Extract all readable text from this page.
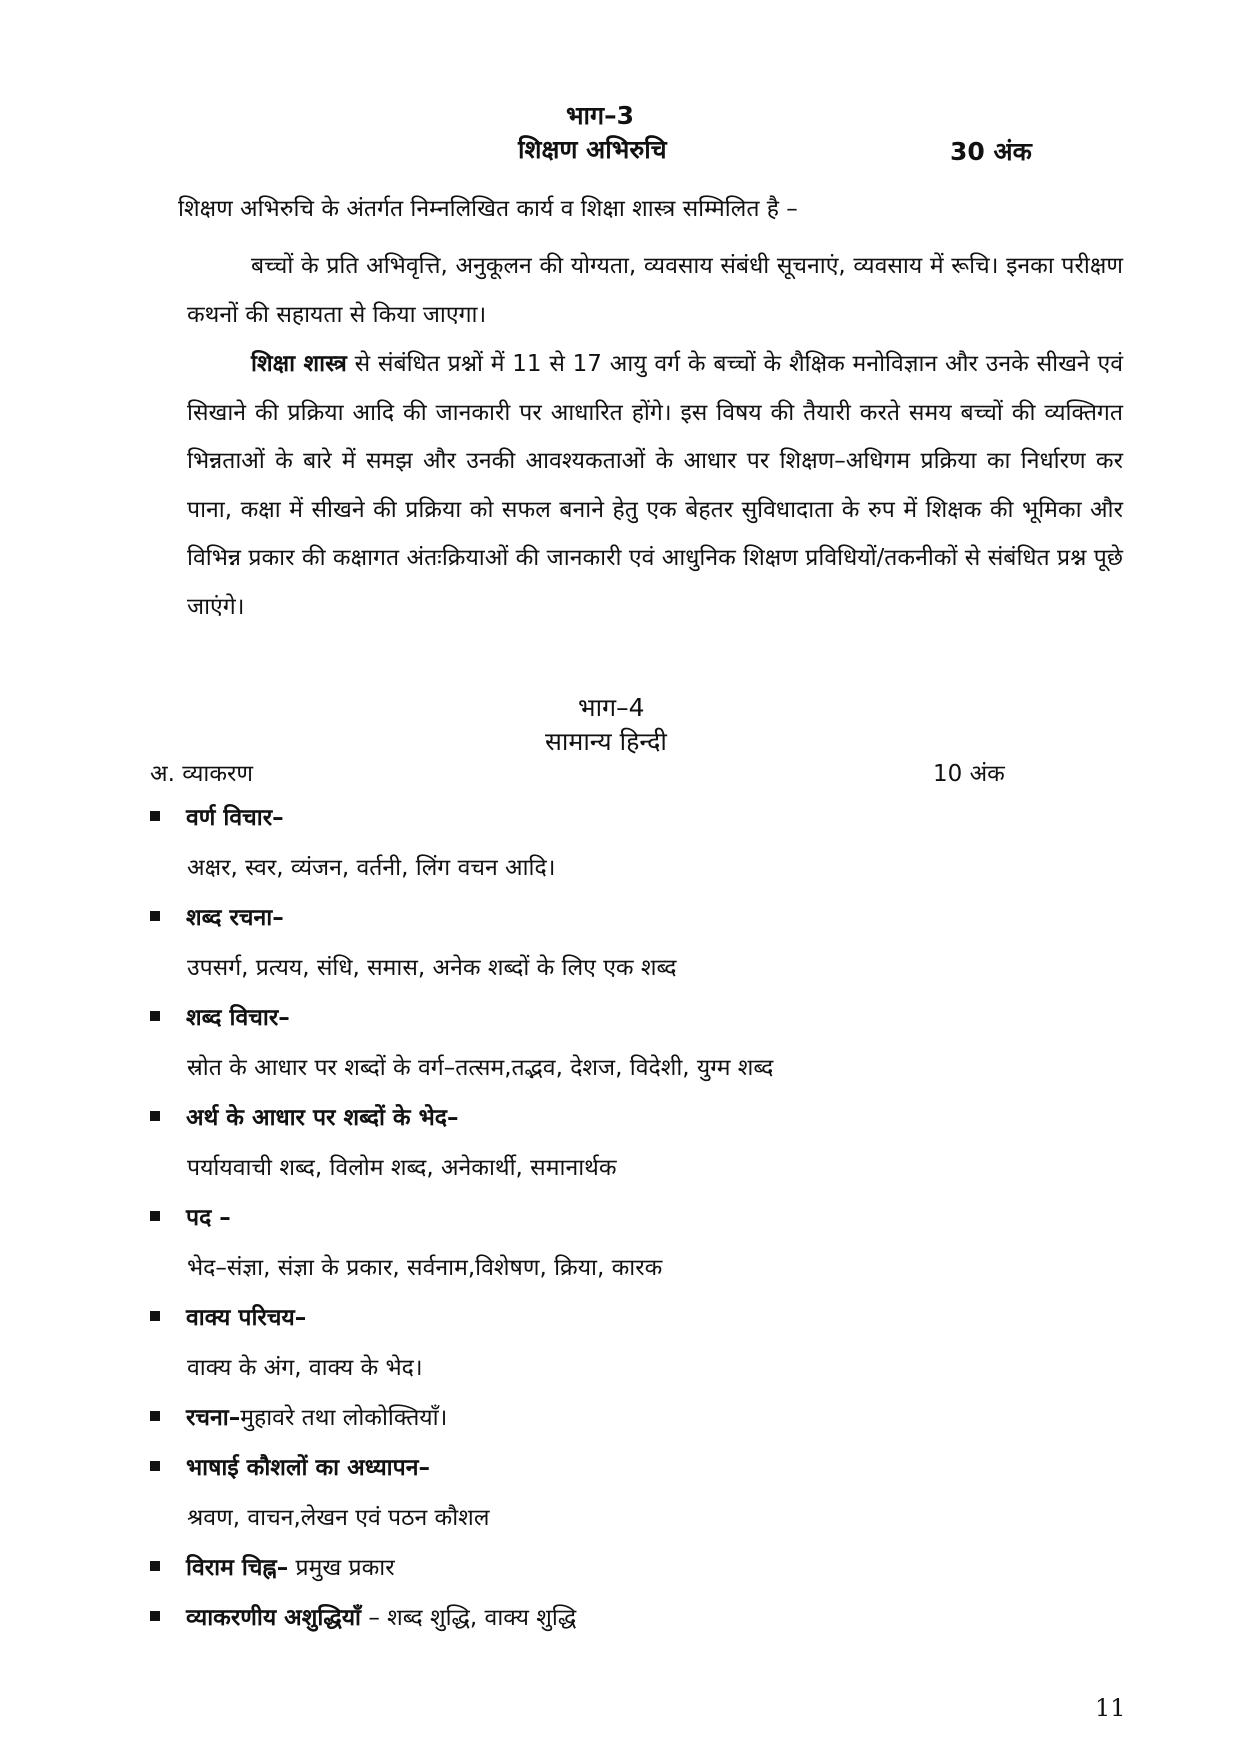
भाग–3
शिक्षण अभिरुचि	30 अंक
शिक्षण अभिरुचि के अंतर्गत निम्नलिखित कार्य व शिक्षा शास्त्र सम्मिलित है –
बच्चों के प्रति अभिवृत्ति, अनुकूलन की योग्यता, व्यवसाय संबंधी सूचनाएं, व्यवसाय में रूचि। इनका परीक्षण कथनों की सहायता से किया जाएगा।
शिक्षा शास्त्र से संबंधित प्रश्नों में 11 से 17 आयु वर्ग के बच्चों के शैक्षिक मनोविज्ञान और उनके सीखने एवं सिखाने की प्रक्रिया आदि की जानकारी पर आधारित होंगे। इस विषय की तैयारी करते समय बच्चों की व्यक्तिगत भिन्नताओं के बारे में समझ और उनकी आवश्यकताओं के आधार पर शिक्षण–अधिगम प्रक्रिया का निर्धारण कर पाना, कक्षा में सीखने की प्रक्रिया को सफल बनाने हेतु एक बेहतर सुविधादाता के रुप में शिक्षक की भूमिका और विभिन्न प्रकार की कक्षागत अंतःक्रियाओं की जानकारी एवं आधुनिक शिक्षण प्रविधियों/तकनीकों से संबंधित प्रश्न पूछे जाएंगे।
भाग–4
सामान्य हिन्दी
अ. व्याकरण	10 अंक
वर्ण विचार–
अक्षर, स्वर, व्यंजन, वर्तनी, लिंग वचन आदि।
शब्द रचना–
उपसर्ग, प्रत्यय, संधि, समास, अनेक शब्दों के लिए एक शब्द
शब्द विचार–
स्रोत के आधार पर शब्दों के वर्ग–तत्सम,तद्भव, देशज, विदेशी, युग्म शब्द
अर्थ के आधार पर शब्दों के भेद–
पर्यायवाची शब्द, विलोम शब्द, अनेकार्थी, समानार्थक
पद –
भेद–संज्ञा, संज्ञा के प्रकार, सर्वनाम,विशेषण, क्रिया, कारक
वाक्य परिचय–
वाक्य के अंग, वाक्य के भेद।
रचना–मुहावरे तथा लोकोक्तियाँ।
भाषाई कौशलों का अध्यापन–
श्रवण, वाचन,लेखन एवं पठन कौशल
विराम चिह्न– प्रमुख प्रकार
व्याकरणीय अशुद्धियाँ – शब्द शुद्धि, वाक्य शुद्धि
11
